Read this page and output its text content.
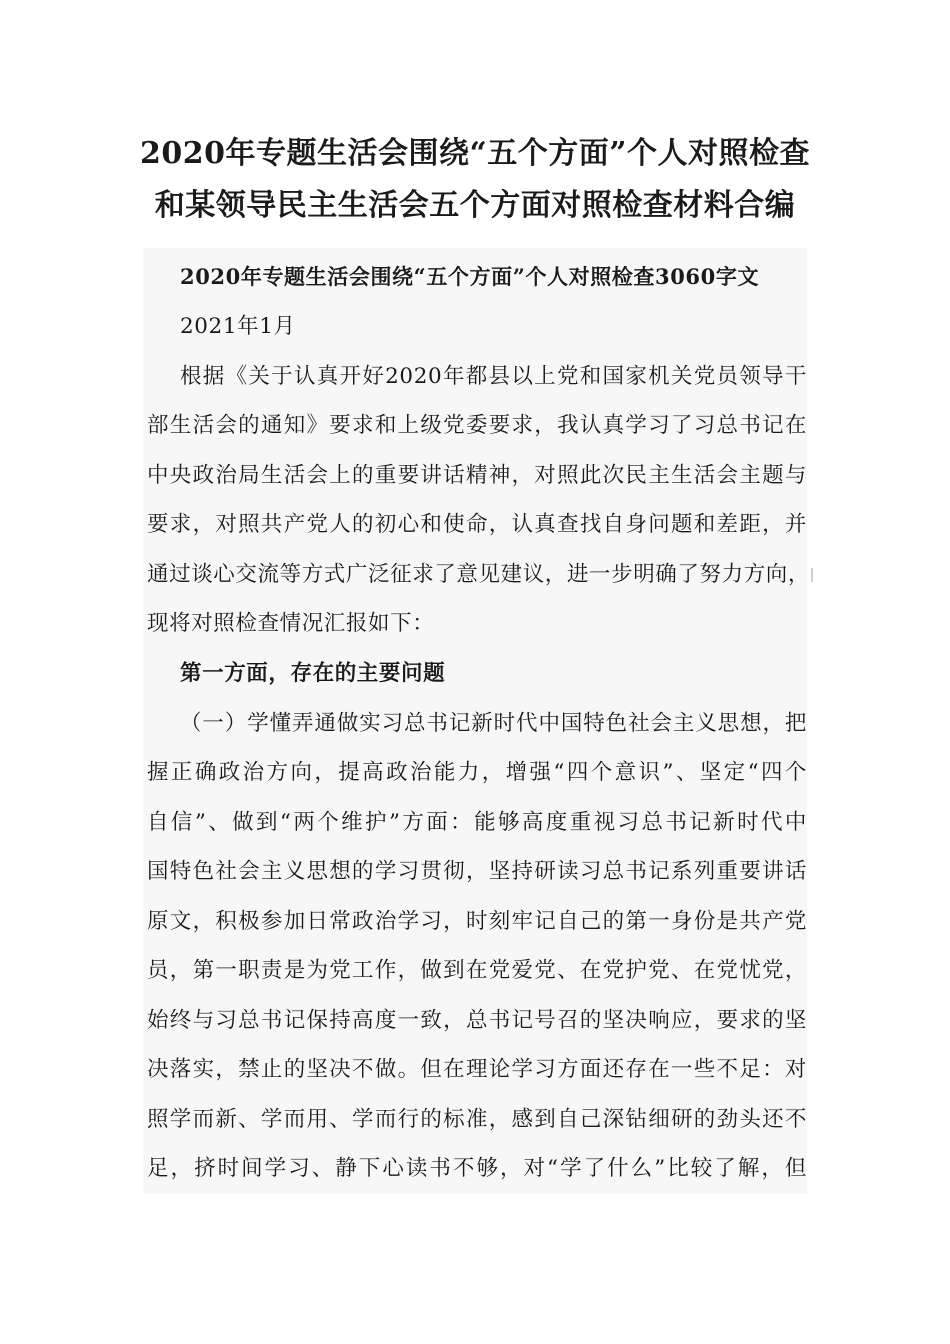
2020年专题生活会围绕“五个方面”个人对照检查
和某领导民主生活会五个方面对照检查材料合编
2020年专题生活会围绕“五个方面”个人对照检查3060字文
2021年1月
根据《关于认真开好2020年都县以上党和国家机关党员领导干
部生活会的通知》要求和上级党委要求，我认真学习了习总书记在
中央政治局生活会上的重要讲话精神，对照此次民主生活会主题与
要求，对照共产党人的初心和使命，认真查找自身问题和差距，并
通过谈心交流等方式广泛征求了意见建议，进一步明确了努力方向，
现将对照检查情况汇报如下：
第一方面，存在的主要问题
（一）学懂弄通做实习总书记新时代中国特色社会主义思想，把
握正确政治方向，提高政治能力，增强“四个意识”、坚定“四个
自信”、做到“两个维护”方面：能够高度重视习总书记新时代中
国特色社会主义思想的学习贯彻，坚持研读习总书记系列重要讲话
原文，积极参加日常政治学习，时刻牢记自己的第一身份是共产党
员，第一职责是为党工作，做到在党爱党、在党护党、在党忧党，
始终与习总书记保持高度一致，总书记号召的坚决响应，要求的坚
决落实，禁止的坚决不做。但在理论学习方面还存在一些不足：对
照学而新、学而用、学而行的标准，感到自己深钻细研的劲头还不
足，挤时间学习、静下心读书不够，对“学了什么”比较了解，但
